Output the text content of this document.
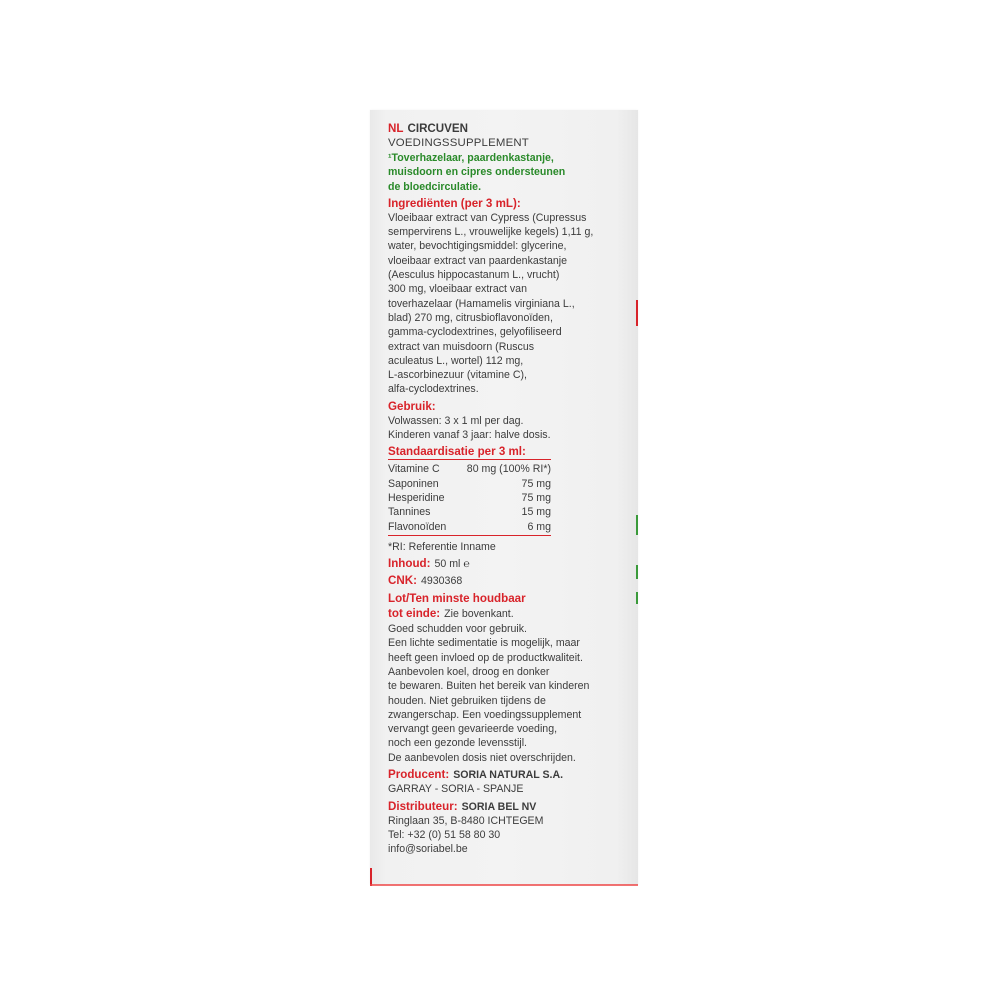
NL CIRCUVEN
VOEDINGSSUPPLEMENT
¹Toverhazelaar, paardenkastanje,
muisdoorn en cipres ondersteunen
de bloedcirculatie.
Ingrediënten (per 3 mL):
Vloeibaar extract van Cypress (Cupressus
sempervirens L., vrouwelijke kegels) 1,11 g,
water, bevochtigingsmiddel: glycerine,
vloeibaar extract van paardenkastanje
(Aesculus hippocastanum L., vrucht)
300 mg, vloeibaar extract van
toverhazelaar (Hamamelis virginiana L.,
blad) 270 mg, citrusbioflavonoïden,
gamma-cyclodextrines, gelyofiliseerd
extract van muisdoorn (Ruscus
aculeatus L., wortel) 112 mg,
L-ascorbinezuur (vitamine C),
alfa-cyclodextrines.
Gebruik:
Volwassen: 3 x 1 ml per dag.
Kinderen vanaf 3 jaar: halve dosis.
Standaardisatie per 3 ml:
Vitamine C	80 mg (100% RI*)
Saponinen	75 mg
Hesperidine	75 mg
Tannines	15 mg
Flavonoïden	6 mg
*RI: Referentie Inname
Inhoud: 50 ml ℮
CNK: 4930368
Lot/Ten minste houdbaar
tot einde: Zie bovenkant.
Goed schudden voor gebruik.
Een lichte sedimentatie is mogelijk, maar
heeft geen invloed op de productkwaliteit.
Aanbevolen koel, droog en donker
te bewaren. Buiten het bereik van kinderen
houden. Niet gebruiken tijdens de
zwangerschap. Een voedingssupplement
vervangt geen gevarieerde voeding,
noch een gezonde levensstijl.
De aanbevolen dosis niet overschrijden.
Producent: SORIA NATURAL S.A.
GARRAY - SORIA - SPANJE
Distributeur: SORIA BEL NV
Ringlaan 35, B-8480 ICHTEGEM
Tel: +32 (0) 51 58 80 30
info@soriabel.be
